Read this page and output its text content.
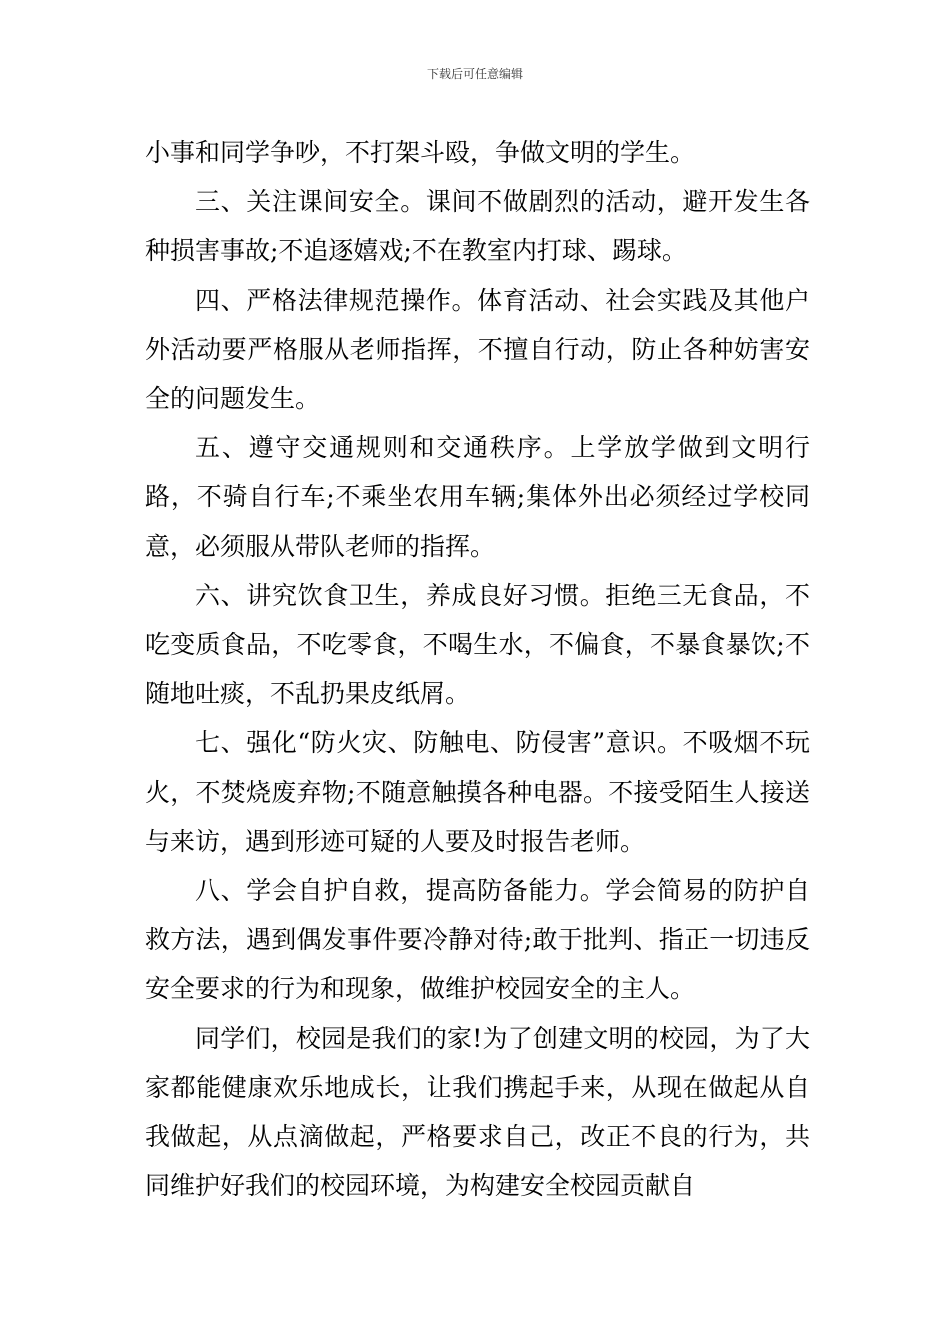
下载后可任意编辑

小事和同学争吵，不打架斗殴，争做文明的学生。

三、关注课间安全。课间不做剧烈的活动，避开发生各种损害事故;不追逐嬉戏;不在教室内打球、踢球。

四、严格法律规范操作。体育活动、社会实践及其他户外活动要严格服从老师指挥，不擅自行动，防止各种妨害安全的问题发生。

五、遵守交通规则和交通秩序。上学放学做到文明行路，不骑自行车;不乘坐农用车辆;集体外出必须经过学校同意，必须服从带队老师的指挥。

六、讲究饮食卫生，养成良好习惯。拒绝三无食品，不吃变质食品，不吃零食，不喝生水，不偏食，不暴食暴饮;不随地吐痰，不乱扔果皮纸屑。

七、强化“防火灾、防触电、防侵害”意识。不吸烟不玩火，不焚烧废弃物;不随意触摸各种电器。不接受陌生人接送与来访，遇到形迹可疑的人要及时报告老师。

八、学会自护自救，提高防备能力。学会简易的防护自救方法，遇到偶发事件要冷静对待;敢于批判、指正一切违反安全要求的行为和现象，做维护校园安全的主人。

同学们，校园是我们的家!为了创建文明的校园，为了大家都能健康欢乐地成长，让我们携起手来，从现在做起从自我做起，从点滴做起，严格要求自己，改正不良的行为，共同维护好我们的校园环境，为构建安全校园贡献自
